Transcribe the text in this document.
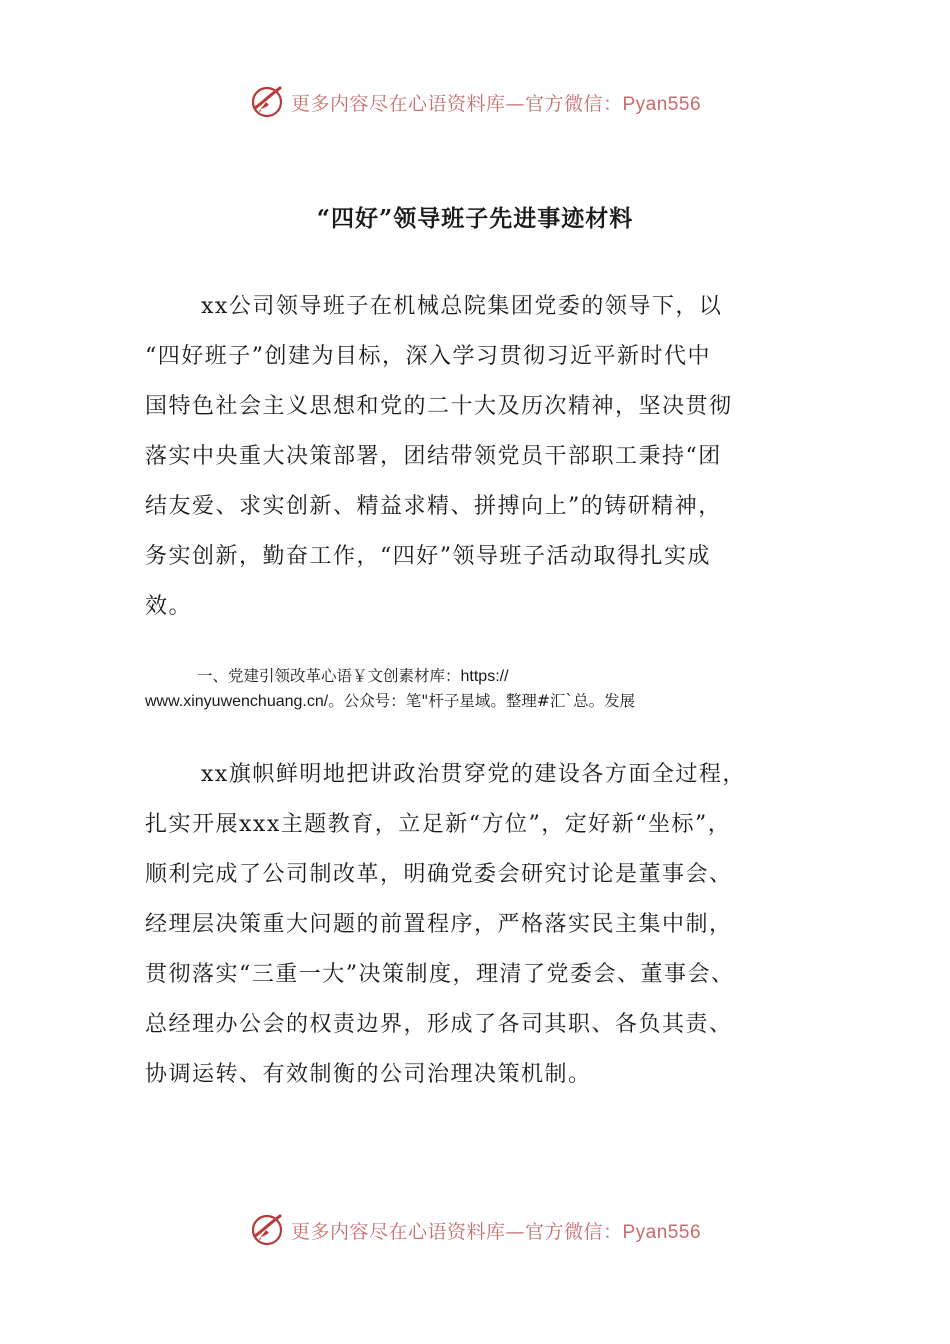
更多内容尽在心语资料库—官方微信：Pyan556
“四好”领导班子先进事迹材料
xx公司领导班子在机械总院集团党委的领导下，以
“四好班子”创建为目标，深入学习贯彻习近平新时代中
国特色社会主义思想和党的二十大及历次精神，坚决贯彻
落实中央重大决策部署，团结带领党员干部职工秉持“团
结友爱、求实创新、精益求精、拼搏向上”的铸研精神，
务实创新，勤奋工作，“四好”领导班子活动取得扎实成
效。
一、党建引领改革心语￥文创素材库：https://
www.xinyuwenchuang.cn/。公众号：笔"杆子星域。整理#汇`总。发展
xx旗帜鲜明地把讲政治贯穿党的建设各方面全过程，
扎实开展xxx主题教育，立足新“方位”，定好新“坐标”，
顺利完成了公司制改革，明确党委会研究讨论是董事会、
经理层决策重大问题的前置程序，严格落实民主集中制，
贯彻落实“三重一大”决策制度，理清了党委会、董事会、
总经理办公会的权责边界，形成了各司其职、各负其责、
协调运转、有效制衡的公司治理决策机制。
更多内容尽在心语资料库—官方微信：Pyan556
